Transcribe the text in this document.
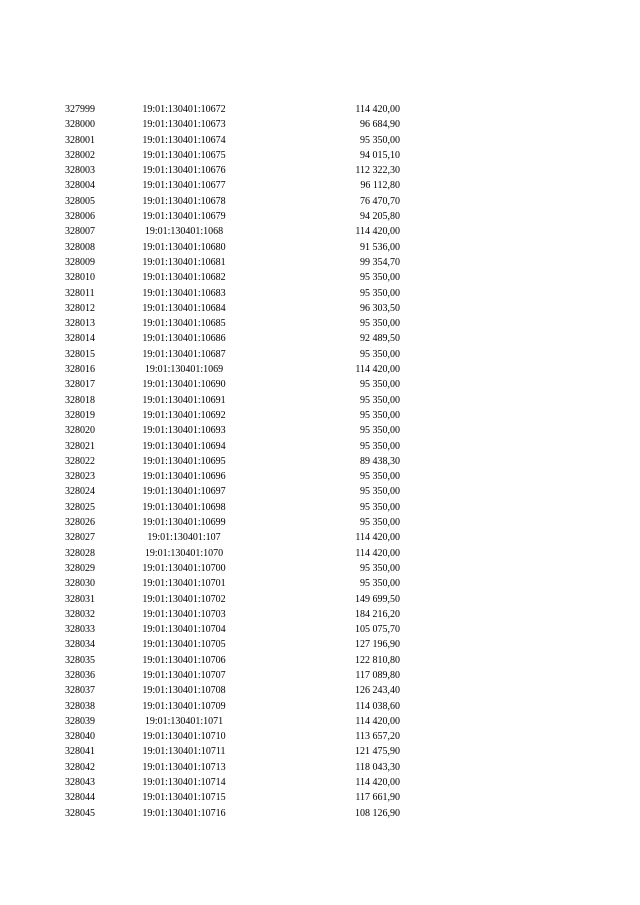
327999	19:01:130401:10672	114 420,00
328000	19:01:130401:10673	96 684,90
328001	19:01:130401:10674	95 350,00
328002	19:01:130401:10675	94 015,10
328003	19:01:130401:10676	112 322,30
328004	19:01:130401:10677	96 112,80
328005	19:01:130401:10678	76 470,70
328006	19:01:130401:10679	94 205,80
328007	19:01:130401:1068	114 420,00
328008	19:01:130401:10680	91 536,00
328009	19:01:130401:10681	99 354,70
328010	19:01:130401:10682	95 350,00
328011	19:01:130401:10683	95 350,00
328012	19:01:130401:10684	96 303,50
328013	19:01:130401:10685	95 350,00
328014	19:01:130401:10686	92 489,50
328015	19:01:130401:10687	95 350,00
328016	19:01:130401:1069	114 420,00
328017	19:01:130401:10690	95 350,00
328018	19:01:130401:10691	95 350,00
328019	19:01:130401:10692	95 350,00
328020	19:01:130401:10693	95 350,00
328021	19:01:130401:10694	95 350,00
328022	19:01:130401:10695	89 438,30
328023	19:01:130401:10696	95 350,00
328024	19:01:130401:10697	95 350,00
328025	19:01:130401:10698	95 350,00
328026	19:01:130401:10699	95 350,00
328027	19:01:130401:107	114 420,00
328028	19:01:130401:1070	114 420,00
328029	19:01:130401:10700	95 350,00
328030	19:01:130401:10701	95 350,00
328031	19:01:130401:10702	149 699,50
328032	19:01:130401:10703	184 216,20
328033	19:01:130401:10704	105 075,70
328034	19:01:130401:10705	127 196,90
328035	19:01:130401:10706	122 810,80
328036	19:01:130401:10707	117 089,80
328037	19:01:130401:10708	126 243,40
328038	19:01:130401:10709	114 038,60
328039	19:01:130401:1071	114 420,00
328040	19:01:130401:10710	113 657,20
328041	19:01:130401:10711	121 475,90
328042	19:01:130401:10713	118 043,30
328043	19:01:130401:10714	114 420,00
328044	19:01:130401:10715	117 661,90
328045	19:01:130401:10716	108 126,90
